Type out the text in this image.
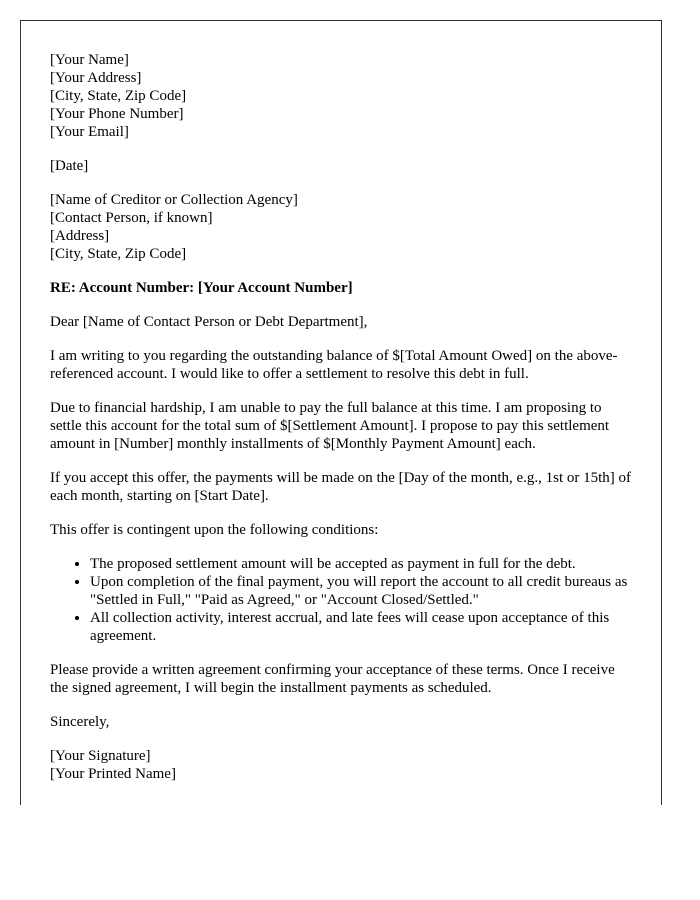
[Your Name]
[Your Address]
[City, State, Zip Code]
[Your Phone Number]
[Your Email]

[Date]

[Name of Creditor or Collection Agency]
[Contact Person, if known]
[Address]
[City, State, Zip Code]

RE: Account Number: [Your Account Number]

Dear [Name of Contact Person or Debt Department],

I am writing to you regarding the outstanding balance of $[Total Amount Owed] on the above-referenced account. I would like to offer a settlement to resolve this debt in full.

Due to financial hardship, I am unable to pay the full balance at this time. I am proposing to settle this account for the total sum of $[Settlement Amount]. I propose to pay this settlement amount in [Number] monthly installments of $[Monthly Payment Amount] each.

If you accept this offer, the payments will be made on the [Day of the month, e.g., 1st or 15th] of each month, starting on [Start Date].

This offer is contingent upon the following conditions:

• The proposed settlement amount will be accepted as payment in full for the debt.
• Upon completion of the final payment, you will report the account to all credit bureaus as "Settled in Full," "Paid as Agreed," or "Account Closed/Settled."
• All collection activity, interest accrual, and late fees will cease upon acceptance of this agreement.

Please provide a written agreement confirming your acceptance of these terms. Once I receive the signed agreement, I will begin the installment payments as scheduled.

Sincerely,

[Your Signature]
[Your Printed Name]
